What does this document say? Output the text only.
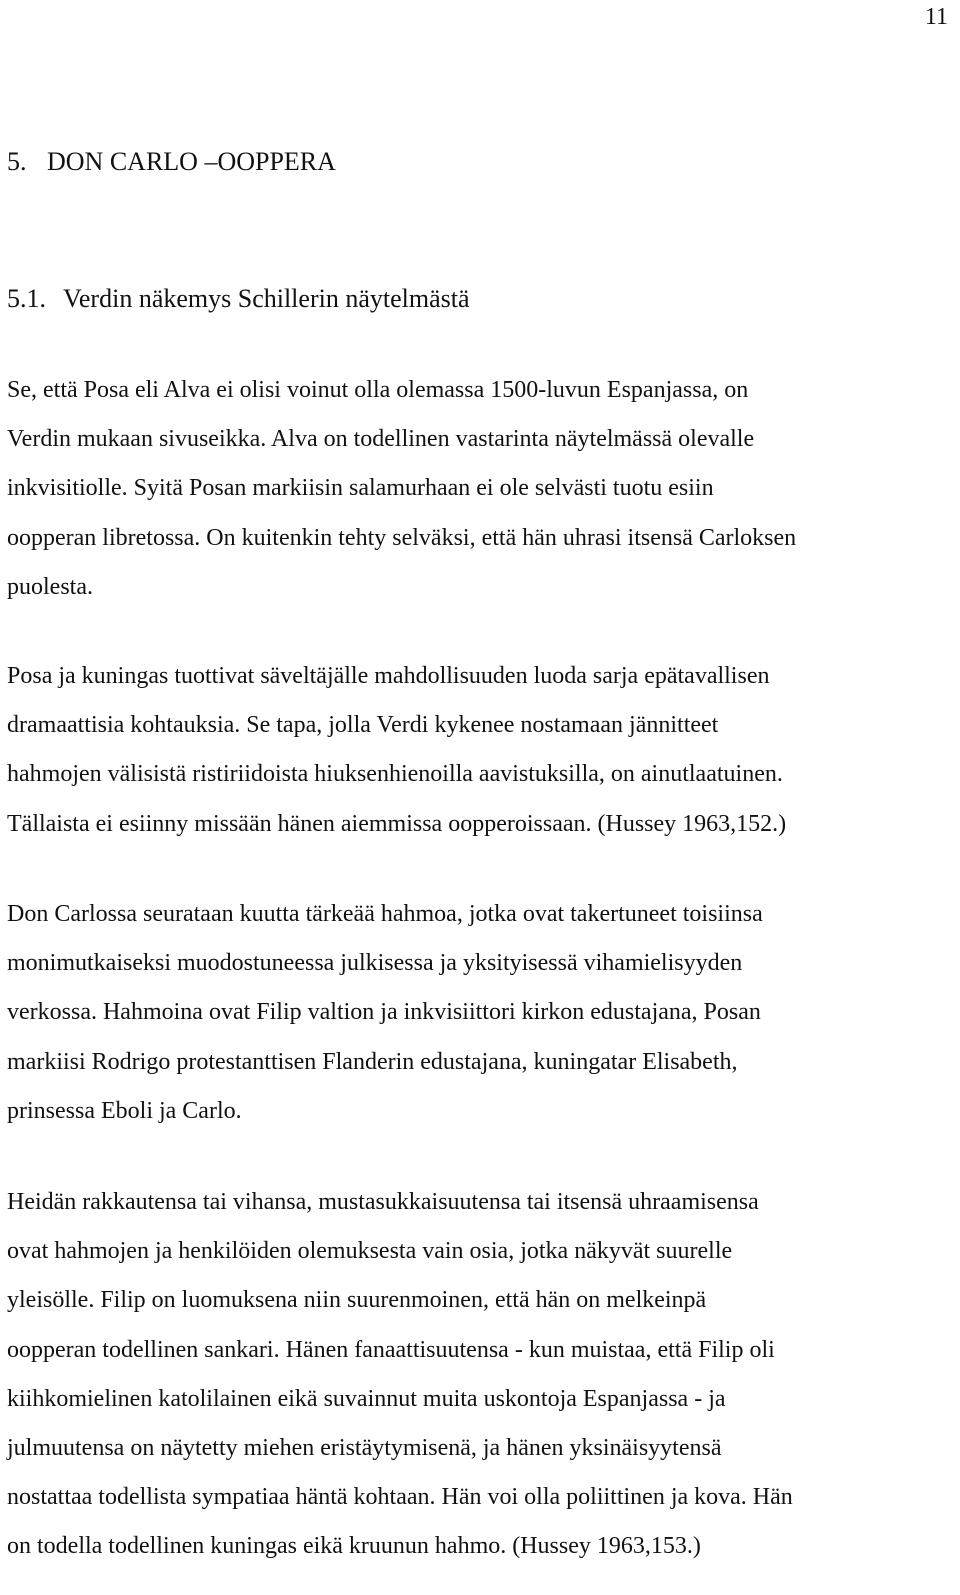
11
5. DON CARLO –OOPPERA
5.1. Verdin näkemys Schillerin näytelmästä

Se, että Posa eli Alva ei olisi voinut olla olemassa 1500-luvun Espanjassa, on
Verdin mukaan sivuseikka. Alva on todellinen vastarinta näytelmässä olevalle
inkvisitiolle. Syitä Posan markiisin salamurhaan ei ole selvästi tuotu esiin
oopperan libretossa. On kuitenkin tehty selväksi, että hän uhrasi itsensä Carloksen
puolesta.

Posa ja kuningas tuottivat säveltäjälle mahdollisuuden luoda sarja epätavallisen
dramaattisia kohtauksia. Se tapa, jolla Verdi kykenee nostamaan jännitteet
hahmojen välisistä ristiriidoista hiuksenhienoilla aavistuksilla, on ainutlaatuinen.
Tällaista ei esiinny missään hänen aiemmissa oopperoissaan. (Hussey 1963,152.)

Don Carlossa seurataan kuutta tärkeää hahmoa, jotka ovat takertuneet toisiinsa
monimutkaiseksi muodostuneessa julkisessa ja yksityisessä vihamielisyyden
verkossa. Hahmoina ovat Filip valtion ja inkvisiittori kirkon edustajana, Posan
markiisi Rodrigo protestanttisen Flanderin edustajana, kuningatar Elisabeth,
prinsessa Eboli ja Carlo.

Heidän rakkautensa tai vihansa, mustasukkaisuutensa tai itsensä uhraamisensa
ovat hahmojen ja henkilöiden olemuksesta vain osia, jotka näkyvät suurelle
yleisölle. Filip on luomuksena niin suurenmoinen, että hän on melkeinpä
oopperan todellinen sankari. Hänen fanaattisuutensa - kun muistaa, että Filip oli
kiihkomielinen katolilainen eikä suvainnut muita uskontoja Espanjassa - ja
julmuutensa on näytetty miehen eristäytymisenä, ja hänen yksinäisyytensä
nostattaa todellista sympatiaa häntä kohtaan. Hän voi olla poliittinen ja kova. Hän
on todella todellinen kuningas eikä kruunun hahmo. (Hussey 1963,153.)
